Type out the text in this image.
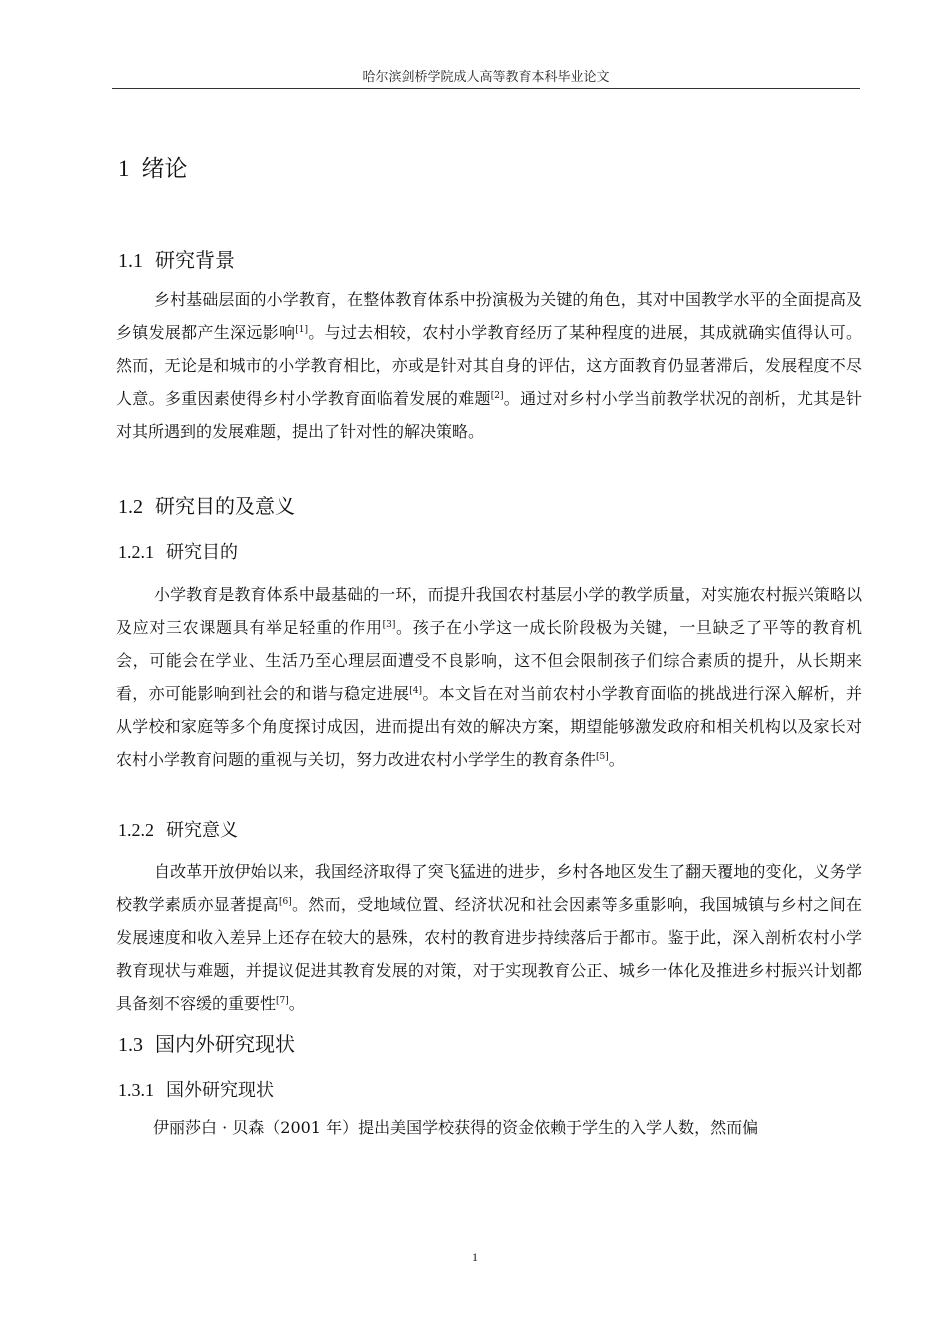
哈尔滨剑桥学院成人高等教育本科毕业论文
1 绪论
1.1 研究背景

乡村基础层面的小学教育，在整体教育体系中扮演极为关键的角色，其对中国教学水平的全面提高及乡镇发展都产生深远影响[1]。与过去相较，农村小学教育经历了某种程度的进展，其成就确实值得认可。然而，无论是和城市的小学教育相比，亦或是针对其自身的评估，这方面教育仍显著滞后，发展程度不尽人意。多重因素使得乡村小学教育面临着发展的难题[2]。通过对乡村小学当前教学状况的剖析，尤其是针对其所遇到的发展难题，提出了针对性的解决策略。

1.2 研究目的及意义
1.2.1 研究目的

小学教育是教育体系中最基础的一环，而提升我国农村基层小学的教学质量，对实施农村振兴策略以及应对三农课题具有举足轻重的作用[3]。孩子在小学这一成长阶段极为关键，一旦缺乏了平等的教育机会，可能会在学业、生活乃至心理层面遭受不良影响，这不但会限制孩子们综合素质的提升，从长期来看，亦可能影响到社会的和谐与稳定进展[4]。本文旨在对当前农村小学教育面临的挑战进行深入解析，并从学校和家庭等多个角度探讨成因，进而提出有效的解决方案，期望能够激发政府和相关机构以及家长对农村小学教育问题的重视与关切，努力改进农村小学学生的教育条件[5]。

1.2.2 研究意义

自改革开放伊始以来，我国经济取得了突飞猛进的进步，乡村各地区发生了翻天覆地的变化，义务学校教学素质亦显著提高[6]。然而，受地域位置、经济状况和社会因素等多重影响，我国城镇与乡村之间在发展速度和收入差异上还存在较大的悬殊，农村的教育进步持续落后于都市。鉴于此，深入剖析农村小学教育现状与难题，并提议促进其教育发展的对策，对于实现教育公正、城乡一体化及推进乡村振兴计划都具备刻不容缓的重要性[7]。

1.3 国内外研究现状
1.3.1 国外研究现状

伊丽莎白 · 贝森（2001 年）提出美国学校获得的资金依赖于学生的入学人数，然而偏

1
